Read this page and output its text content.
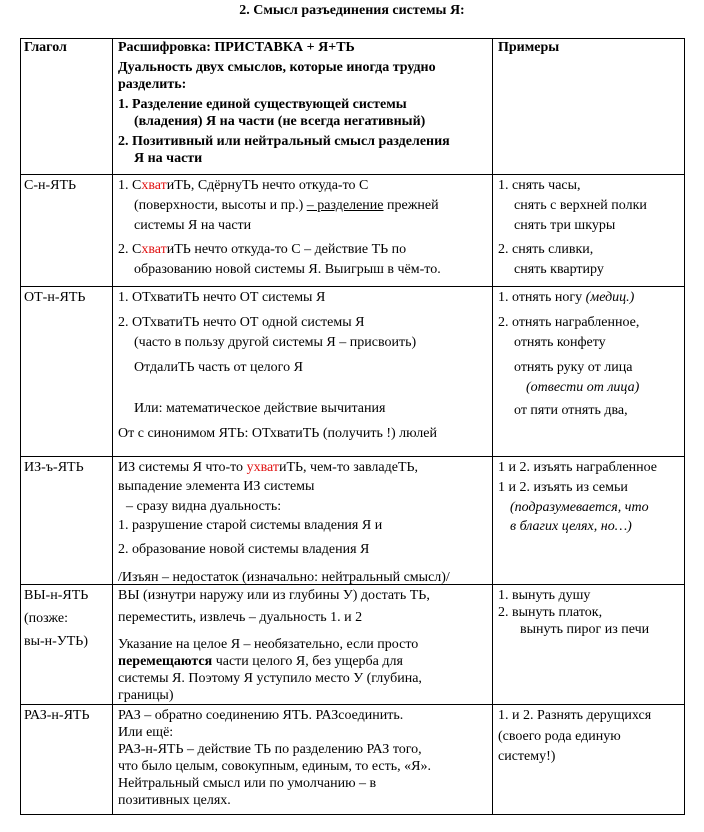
2. Смысл разъединения системы Я:
Глагол	Расшифровка: ПРИСТАВКА + Я+ТЬ

Дуальность двух смыслов, которые иногда трудно

разделить:

1. Разделение единой существующей системы

(владения) Я на части (не всегда негативный)

2. Позитивный или нейтральный смысл разделения

Я на части

Примеры
С-н-ЯТЬ	1. СхватиТЬ, СдёрнуТЬ нечто откуда-то С

(поверхности, высоты и пр.) – разделение прежней

системы Я на части

2. СхватиТЬ нечто откуда-то С – действие ТЬ по

образованию новой системы Я. Выигрыш в чём-то.

1. снять часы,

снять с верхней полки

снять три шкуры

2. снять сливки,

снять квартиру

ОТ-н-ЯТЬ 1. ОТхватиТЬ нечто ОТ системы Я

2. ОТхватиТЬ нечто ОТ одной системы Я

(часто в пользу другой системы Я – присвоить)

ОтдалиТЬ часть от целого Я

Или: математическое действие вычитания

От с синонимом ЯТЬ: ОТхватиТЬ (получить !) люлей

1. отнять ногу (медиц.)

2. отнять награбленное,

отнять конфету

отнять руку от лица

(отвести от лица)

от пяти отнять два,

ИЗ-ъ-ЯТЬ ИЗ системы Я что-то ухватиТЬ, чем-то завладеТЬ,

выпадение элемента ИЗ системы

– сразу видна дуальность:

1. разрушение старой системы владения Я и

2. образование новой системы владения Я

/Изъян – недостаток (изначально: нейтральный смысл)/

1 и 2. изъять награбленное

1 и 2. изъять из семьи

(подразумевается, что

в благих целях, но…)

ВЫ-н-ЯТЬ

(позже:

вы-н-УТЬ)

ВЫ (изнутри наружу или из глубины У) достать ТЬ,

переместить, извлечь – дуальность 1. и 2

Указание на целое Я – необязательно, если просто

перемещаются части целого Я, без ущерба для

системы Я. Поэтому Я уступило место У (глубина,

границы)

1. вынуть душу

2. вынуть платок,

вынуть пирог из печи

РАЗ-н-ЯТЬ РАЗ – обратно соединению ЯТЬ. РАЗсоединить.

Или ещё:

РАЗ-н-ЯТЬ – действие ТЬ по разделению РАЗ того,

что было целым, совокупным, единым, то есть, «Я».

Нейтральный смысл или по умолчанию – в

позитивных целях.

1. и 2. Разнять дерущихся

(своего рода единую

систему!)
